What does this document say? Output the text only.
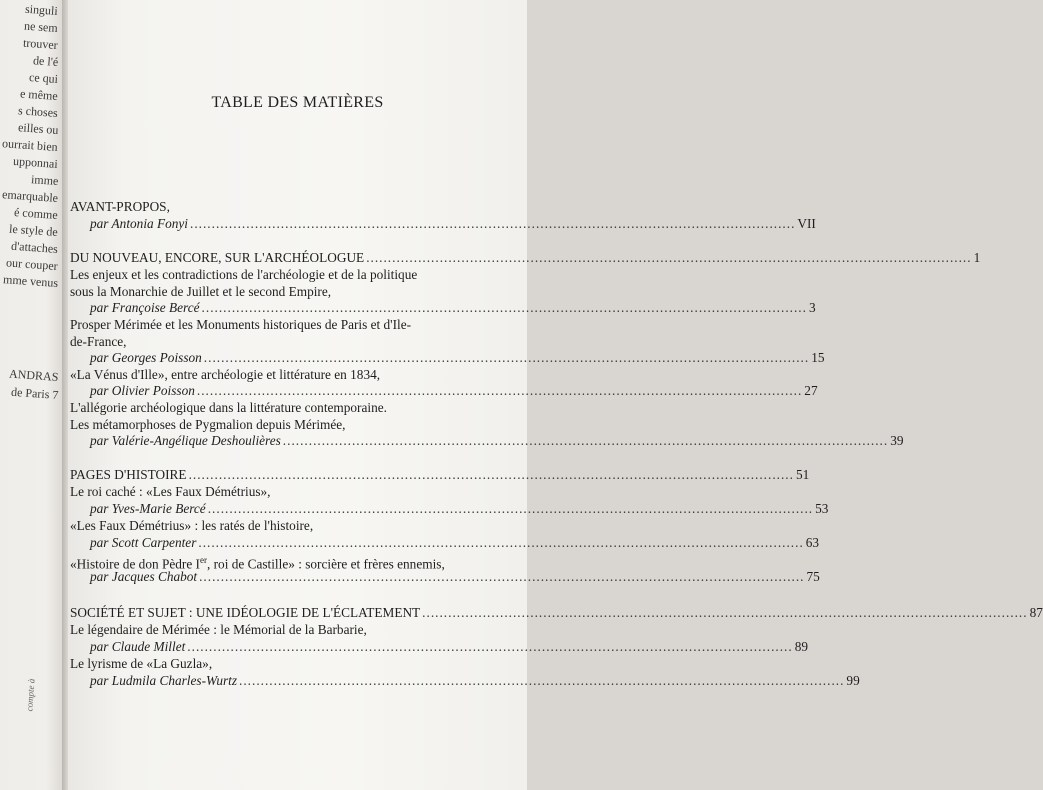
singuli
ne sem
trouver
de l'é
ce qui
e même
s choses
eilles ou
ourrait bien
upponnai
imme
emarquable
é comme
le style de
d'attaches
our couper
mme venus
ANDRAS
de Paris 7
compte à
TABLE DES MATIÈRES
AVANT-PROPOS,
par Antonia Fonyi ............................................................................................................................................ VII
DU NOUVEAU, ENCORE, SUR L'ARCHÉOLOGUE ............................................................................................................................................ 1
Les enjeux et les contradictions de l'archéologie et de la politique
sous la Monarchie de Juillet et le second Empire,
par Françoise Bercé ............................................................................................................................................ 3
Prosper Mérimée et les Monuments historiques de Paris et d'Ile-
de-France,
par Georges Poisson ............................................................................................................................................ 15
«La Vénus d'Ille», entre archéologie et littérature en 1834,
par Olivier Poisson ............................................................................................................................................ 27
L'allégorie archéologique dans la littérature contemporaine.
Les métamorphoses de Pygmalion depuis Mérimée,
par Valérie-Angélique Deshoulières ............................................................................................................................................ 39
PAGES D'HISTOIRE ............................................................................................................................................ 51
Le roi caché : «Les Faux Démétrius»,
par Yves-Marie Bercé ............................................................................................................................................ 53
«Les Faux Démétrius» : les ratés de l'histoire,
par Scott Carpenter ............................................................................................................................................ 63
«Histoire de don Pèdre Ier, roi de Castille» : sorcière et frères ennemis,
par Jacques Chabot ............................................................................................................................................ 75
SOCIÉTÉ ET SUJET : UNE IDÉOLOGIE DE L'ÉCLATEMENT ............................................................................................................................................ 87
Le légendaire de Mérimée : le Mémorial de la Barbarie,
par Claude Millet ............................................................................................................................................ 89
Le lyrisme de «La Guzla»,
par Ludmila Charles-Wurtz ............................................................................................................................................ 99
